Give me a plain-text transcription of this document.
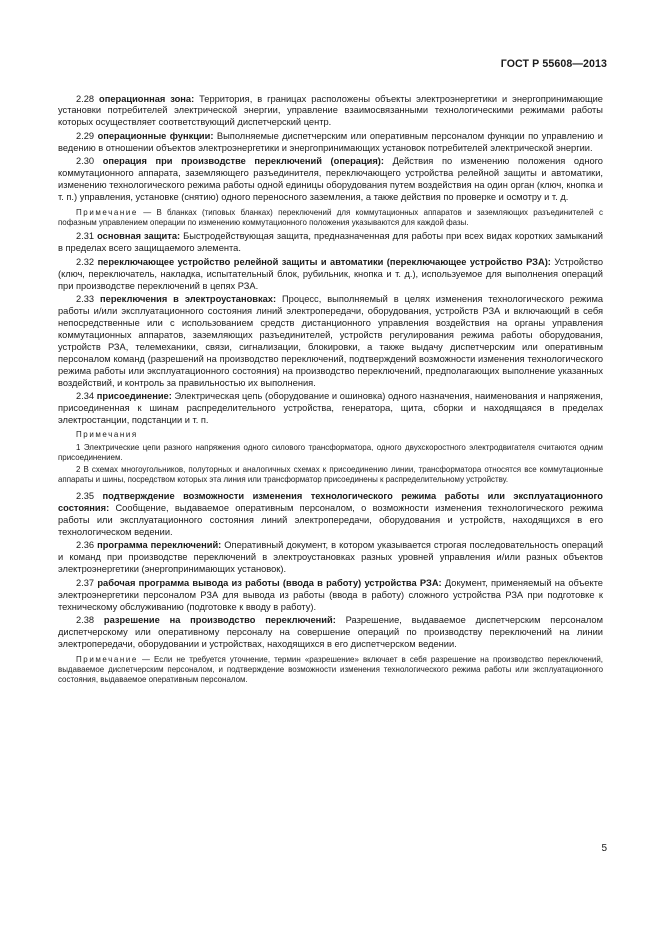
ГОСТ Р 55608—2013

2.28 операционная зона: Территория, в границах расположены объекты электроэнергетики и энергопринимающие установки потребителей электрической энергии, управление взаимосвязанными технологическими режимами работы которых осуществляет соответствующий диспетчерский центр.

2.29 операционные функции: Выполняемые диспетчерским или оперативным персоналом функции по управлению и ведению в отношении объектов электроэнергетики и энергопринимающих установок потребителей электрической энергии.

2.30 операция при производстве переключений (операция): Действия по изменению положения одного коммутационного аппарата, заземляющего разъединителя, переключающего устройства релейной защиты и автоматики, изменению технологического режима работы одной единицы оборудования путем воздействия на один орган (ключ, кнопка и т. п.) управления, установке (снятию) одного переносного заземления, а также действия по проверке и осмотру и т. д.

Примечание — В бланках (типовых бланках) переключений для коммутационных аппаратов и заземляющих разъединителей с пофазным управлением операции по изменению коммутационного положения указываются для каждой фазы.

2.31 основная защита: Быстродействующая защита, предназначенная для работы при всех видах коротких замыканий в пределах всего защищаемого элемента.

2.32 переключающее устройство релейной защиты и автоматики (переключающее устройство РЗА): Устройство (ключ, переключатель, накладка, испытательный блок, рубильник, кнопка и т. д.), используемое для выполнения операций при производстве переключений в цепях РЗА.

2.33 переключения в электроустановках: Процесс, выполняемый в целях изменения технологического режима работы и/или эксплуатационного состояния линий электропередачи, оборудования, устройств РЗА и включающий в себя непосредственные или с использованием средств дистанционного управления воздействия на органы управления коммутационных аппаратов, заземляющих разъединителей, устройств регулирования режима работы оборудования, устройств РЗА, телемеханики, связи, сигнализации, блокировки, а также выдачу диспетчерским или оперативным персоналом команд (разрешений на производство переключений, подтверждений возможности изменения технологического режима работы или эксплуатационного состояния) на производство переключений, предполагающих выполнение указанных воздействий, и контроль за правильностью их выполнения.

2.34 присоединение: Электрическая цепь (оборудование и ошиновка) одного назначения, наименования и напряжения, присоединенная к шинам распределительного устройства, генератора, щита, сборки и находящаяся в пределах электростанции, подстанции и т. п.

Примечания

1 Электрические цепи разного напряжения одного силового трансформатора, одного двухскоростного электродвигателя считаются одним присоединением.

2 В схемах многоугольников, полуторных и аналогичных схемах к присоединению линии, трансформатора относятся все коммутационные аппараты и шины, посредством которых эта линия или трансформатор присоединены к распределительному устройству.

2.35 подтверждение возможности изменения технологического режима работы или эксплуатационного состояния: Сообщение, выдаваемое оперативным персоналом, о возможности изменения технологического режима работы или эксплуатационного состояния линий электропередачи, оборудования и устройств, находящихся в его технологическом ведении.

2.36 программа переключений: Оперативный документ, в котором указывается строгая последовательность операций и команд при производстве переключений в электроустановках разных уровней управления и/или разных объектов электроэнергетики (энергопринимающих установок).

2.37 рабочая программа вывода из работы (ввода в работу) устройства РЗА: Документ, применяемый на объекте электроэнергетики персоналом РЗА для вывода из работы (ввода в работу) сложного устройства РЗА при подготовке к техническому обслуживанию (подготовке к вводу в работу).

2.38 разрешение на производство переключений: Разрешение, выдаваемое диспетчерским персоналом диспетчерскому или оперативному персоналу на совершение операций по производству переключений на линии электропередачи, оборудовании и устройствах, находящихся в его диспетчерском ведении.

Примечание — Если не требуется уточнение, термин «разрешение» включает в себя разрешение на производство переключений, выдаваемое диспетчерским персоналом, и подтверждение возможности изменения технологического режима работы или эксплуатационного состояния, выдаваемое оперативным персоналом.

5
